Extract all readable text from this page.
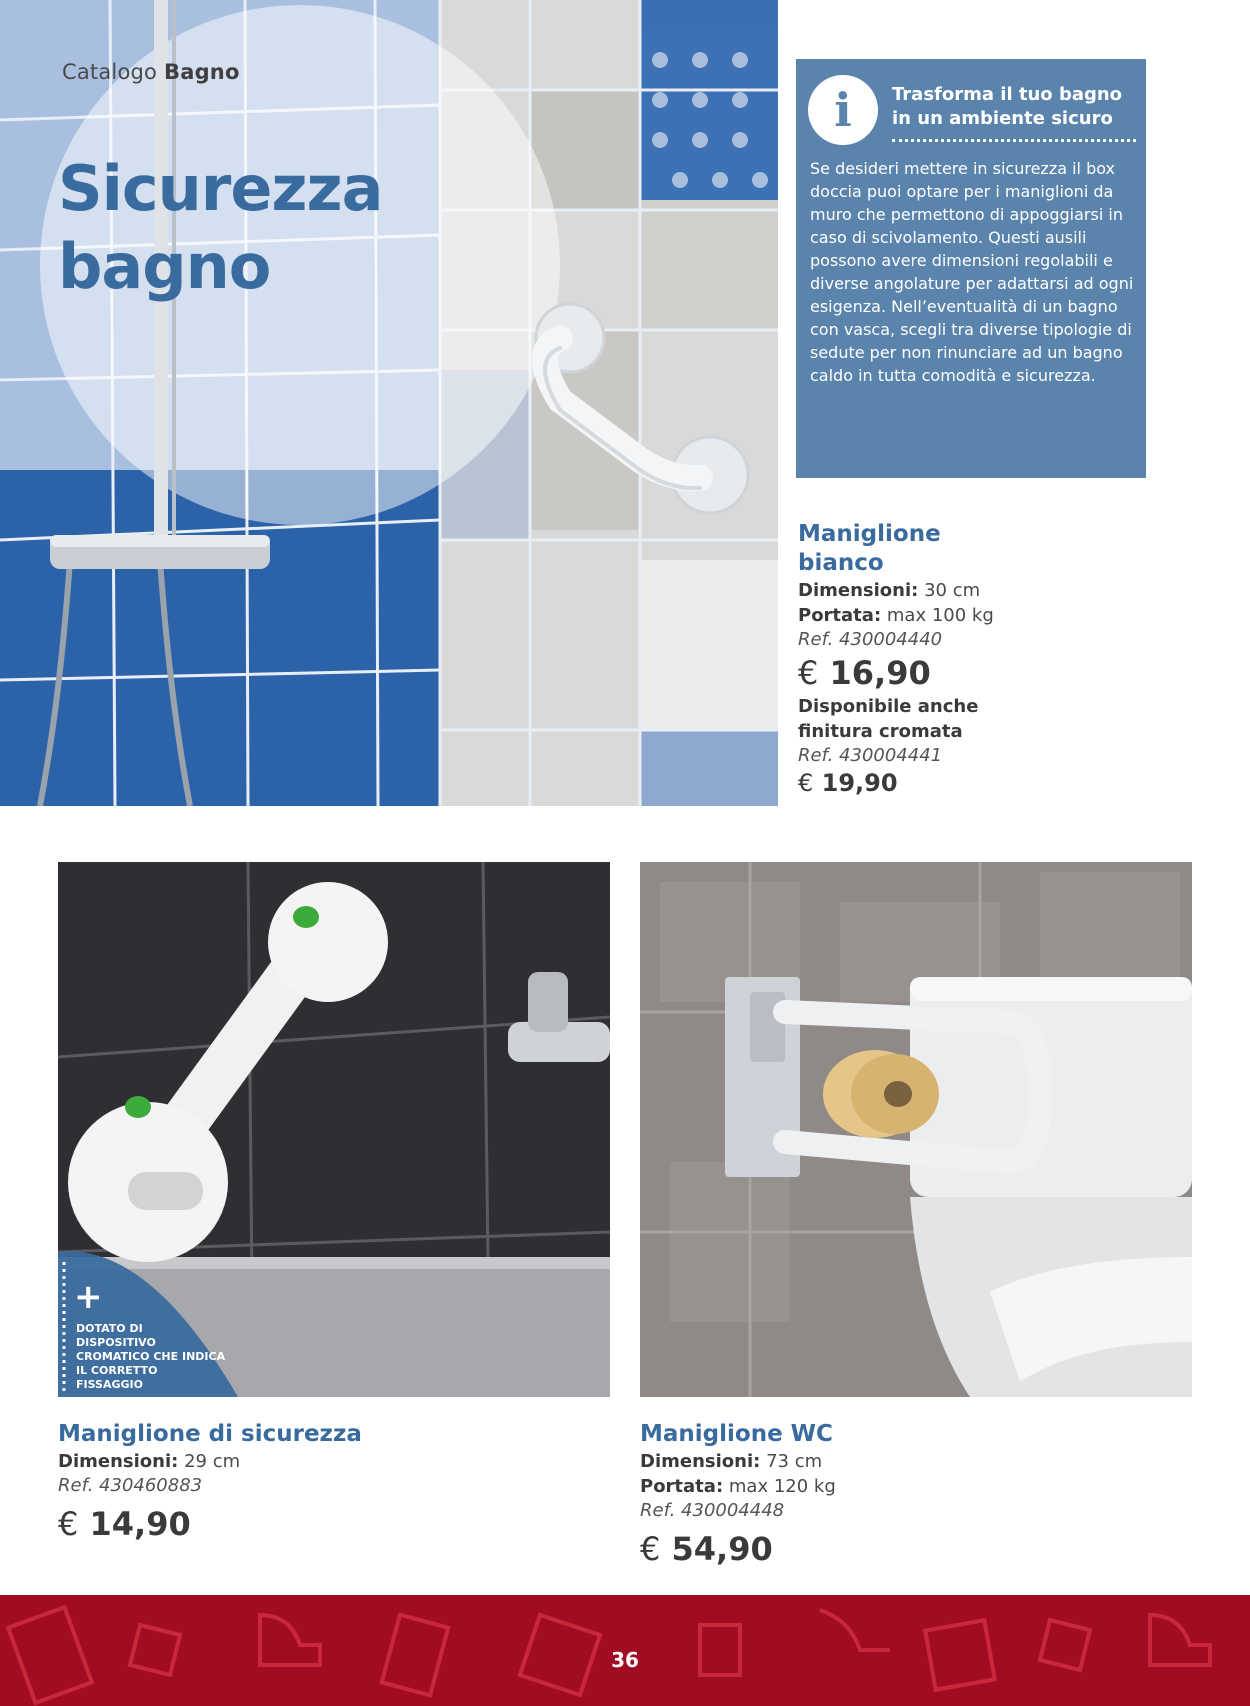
Catalogo Bagno
Sicurezza
bagno
i Trasforma il tuo bagno in un ambiente sicuro
Se desideri mettere in sicurezza il box doccia puoi optare per i maniglioni da muro che permettono di appoggiarsi in caso di scivolamento. Questi ausili possono avere dimensioni regolabili e diverse angolature per adattarsi ad ogni esigenza. Nell’eventualità di un bagno con vasca, scegli tra diverse tipologie di sedute per non rinunciare ad un bagno caldo in tutta comodità e sicurezza.
Maniglione
bianco
Dimensioni: 30 cm
Portata: max 100 kg
Ref. 430004440
€ 16,90
Disponibile anche
finitura cromata
Ref. 430004441
€ 19,90
+
DOTATO DI DISPOSITIVO CROMATICO CHE INDICA IL CORRETTO FISSAGGIO
Maniglione di sicurezza
Dimensioni: 29 cm
Ref. 430460883
€ 14,90
Maniglione WC
Dimensioni: 73 cm
Portata: max 120 kg
Ref. 430004448
€ 54,90
36
